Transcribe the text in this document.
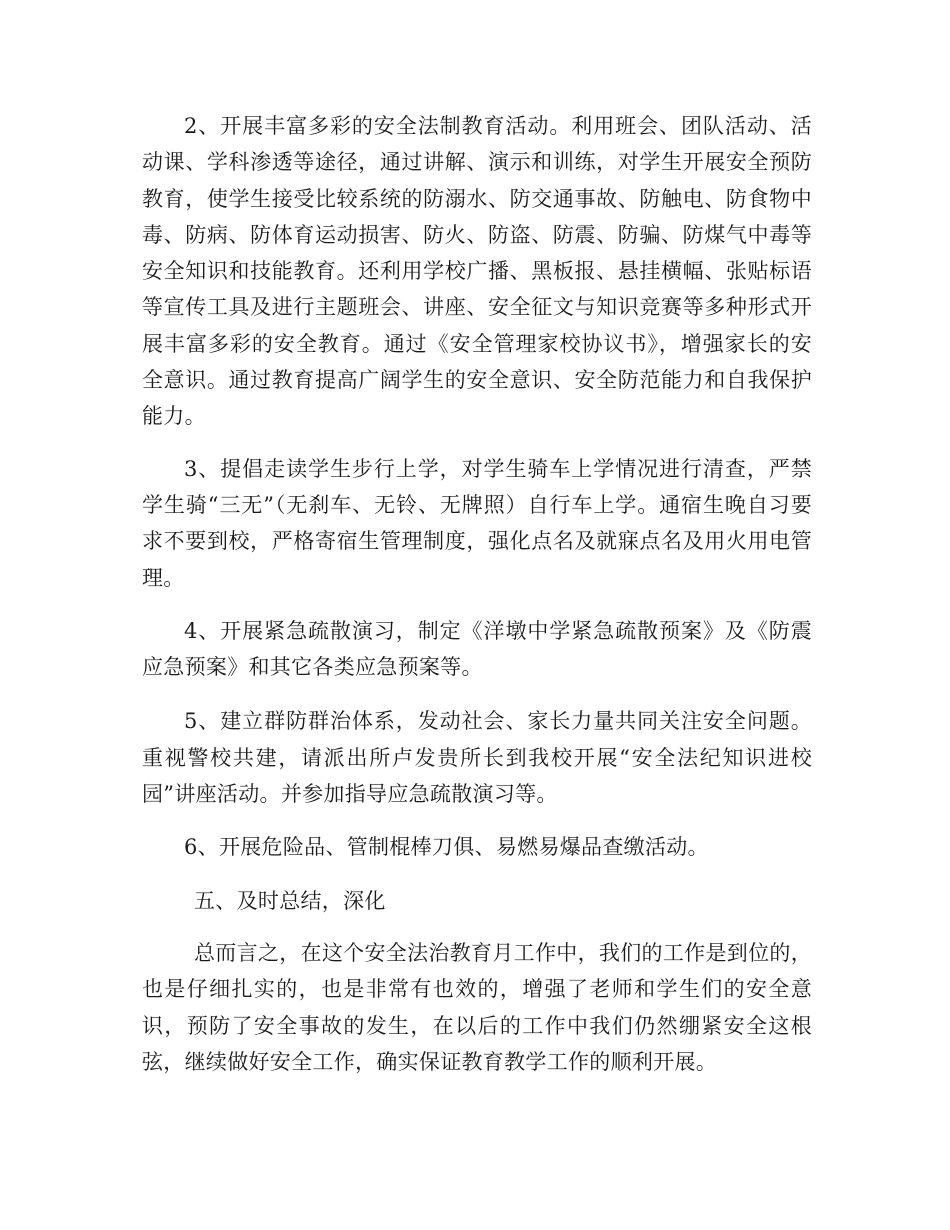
2、开展丰富多彩的安全法制教育活动。利用班会、团队活动、活动课、学科渗透等途径，通过讲解、演示和训练，对学生开展安全预防教育，使学生接受比较系统的防溺水、防交通事故、防触电、防食物中毒、防病、防体育运动损害、防火、防盗、防震、防骗、防煤气中毒等安全知识和技能教育。还利用学校广播、黑板报、悬挂横幅、张贴标语等宣传工具及进行主题班会、讲座、安全征文与知识竞赛等多种形式开展丰富多彩的安全教育。通过《安全管理家校协议书》，增强家长的安全意识。通过教育提高广阔学生的安全意识、安全防范能力和自我保护能力。

3、提倡走读学生步行上学，对学生骑车上学情况进行清查，严禁学生骑“三无”（无刹车、无铃、无牌照）自行车上学。通宿生晚自习要求不要到校，严格寄宿生管理制度，强化点名及就寐点名及用火用电管理。

4、开展紧急疏散演习，制定《洋墩中学紧急疏散预案》及《防震应急预案》和其它各类应急预案等。

5、建立群防群治体系，发动社会、家长力量共同关注安全问题。重视警校共建，请派出所卢发贵所长到我校开展“安全法纪知识进校园”讲座活动。并参加指导应急疏散演习等。

6、开展危险品、管制棍棒刀俱、易燃易爆品查缴活动。

五、及时总结，深化

总而言之，在这个安全法治教育月工作中，我们的工作是到位的，也是仔细扎实的，也是非常有也效的，增强了老师和学生们的安全意识，预防了安全事故的发生，在以后的工作中我们仍然绷紧安全这根弦，继续做好安全工作，确实保证教育教学工作的顺利开展。
